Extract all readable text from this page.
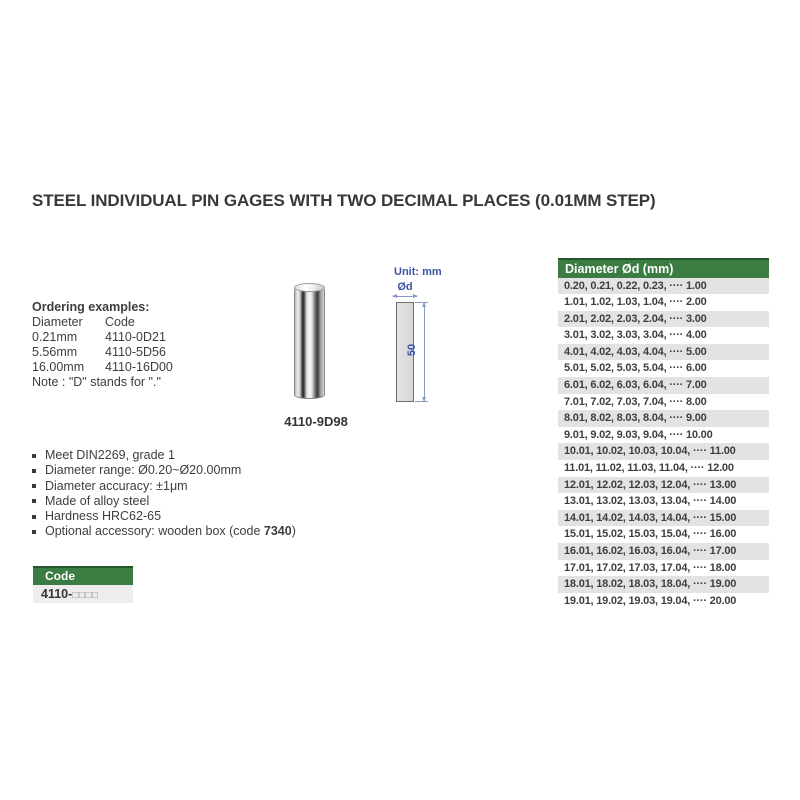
STEEL INDIVIDUAL PIN GAGES WITH TWO DECIMAL PLACES (0.01MM STEP)
Ordering examples:
Diameter	Code
0.21mm	4110-0D21
5.56mm	4110-5D56
16.00mm	4110-16D00
Note : "D" stands for "."
4110-9D98
Unit: mm
Ød
50
Meet DIN2269, grade 1
Diameter range: Ø0.20~Ø20.00mm
Diameter accuracy: ±1μm
Made of alloy steel
Hardness HRC62-65
Optional accessory: wooden box (code 7340)
Code
4110-□□□□
Diameter Ød (mm)
0.20, 0.21, 0.22, 0.23, ···· 1.00
1.01, 1.02, 1.03, 1.04, ···· 2.00
2.01, 2.02, 2.03, 2.04, ···· 3.00
3.01, 3.02, 3.03, 3.04, ···· 4.00
4.01, 4.02, 4.03, 4.04, ···· 5.00
5.01, 5.02, 5.03, 5.04, ···· 6.00
6.01, 6.02, 6.03, 6.04, ···· 7.00
7.01, 7.02, 7.03, 7.04, ···· 8.00
8.01, 8.02, 8.03, 8.04, ···· 9.00
9.01, 9.02, 9.03, 9.04, ···· 10.00
10.01, 10.02, 10.03, 10.04, ···· 11.00
11.01, 11.02, 11.03, 11.04, ···· 12.00
12.01, 12.02, 12.03, 12.04, ···· 13.00
13.01, 13.02, 13.03, 13.04, ···· 14.00
14.01, 14.02, 14.03, 14.04, ···· 15.00
15.01, 15.02, 15.03, 15.04, ···· 16.00
16.01, 16.02, 16.03, 16.04, ···· 17.00
17.01, 17.02, 17.03, 17.04, ···· 18.00
18.01, 18.02, 18.03, 18.04, ···· 19.00
19.01, 19.02, 19.03, 19.04, ···· 20.00
